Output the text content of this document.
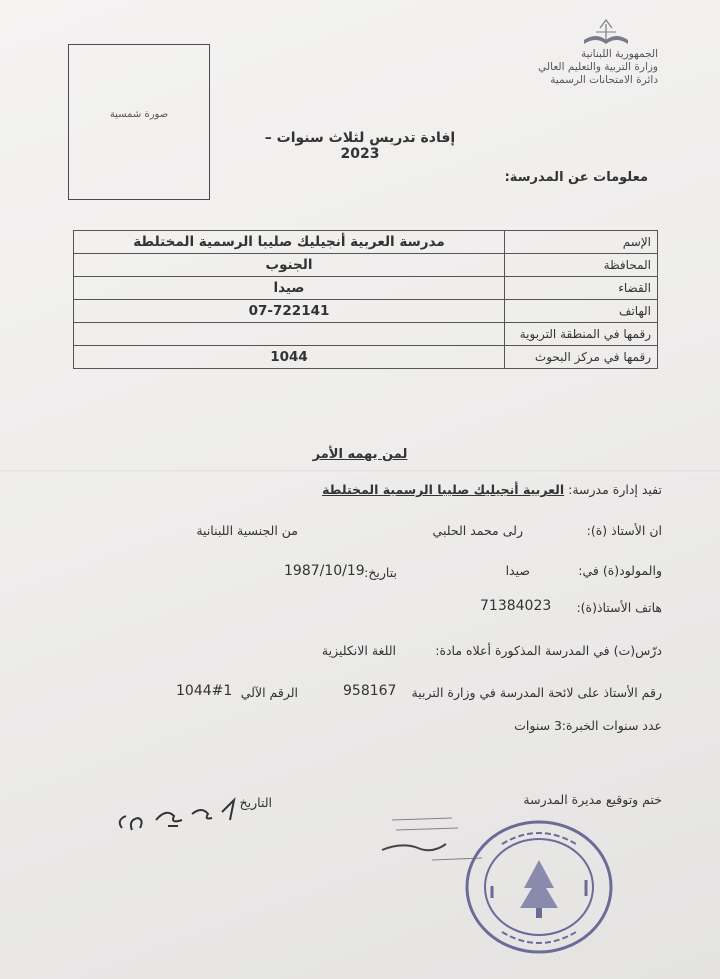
الجمهورية اللبنانية
وزارة التربية والتعليم العالي
دائرة الامتحانات الرسمية
صورة شمسية
إفادة تدريس لثلاث سنوات – 2023
معلومات عن المدرسة:
الإسم	مدرسة العربية أنجيليك صليبا الرسمية المختلطة
المحافظة	الجنوب
القضاء	صيدا
الهاتف	07-722141
رقمها في المنطقة التربوية	
رقمها في مركز البحوث	1044
لمن يهمه الأمر
تفيد إدارة مدرسة: العربية أنجيليك صليبا الرسمية المختلطة
ان الأستاذ (ة):
رلى محمد الحلبي
من الجنسية اللبنانية
والمولود(ة) في:
صيدا
بتاريخ:
1987/10/19
هاتف الأستاذ(ة):
71384023
درّس(ت) في المدرسة المذكورة أعلاه مادة:
اللغة الانكليزية
رقم الأستاذ على لائحة المدرسة في وزارة التربية
958167
الرقم الآلي
1044#1
عدد سنوات الخبرة:
3 سنوات
ختم وتوقيع مديرة المدرسة
التاريخ
